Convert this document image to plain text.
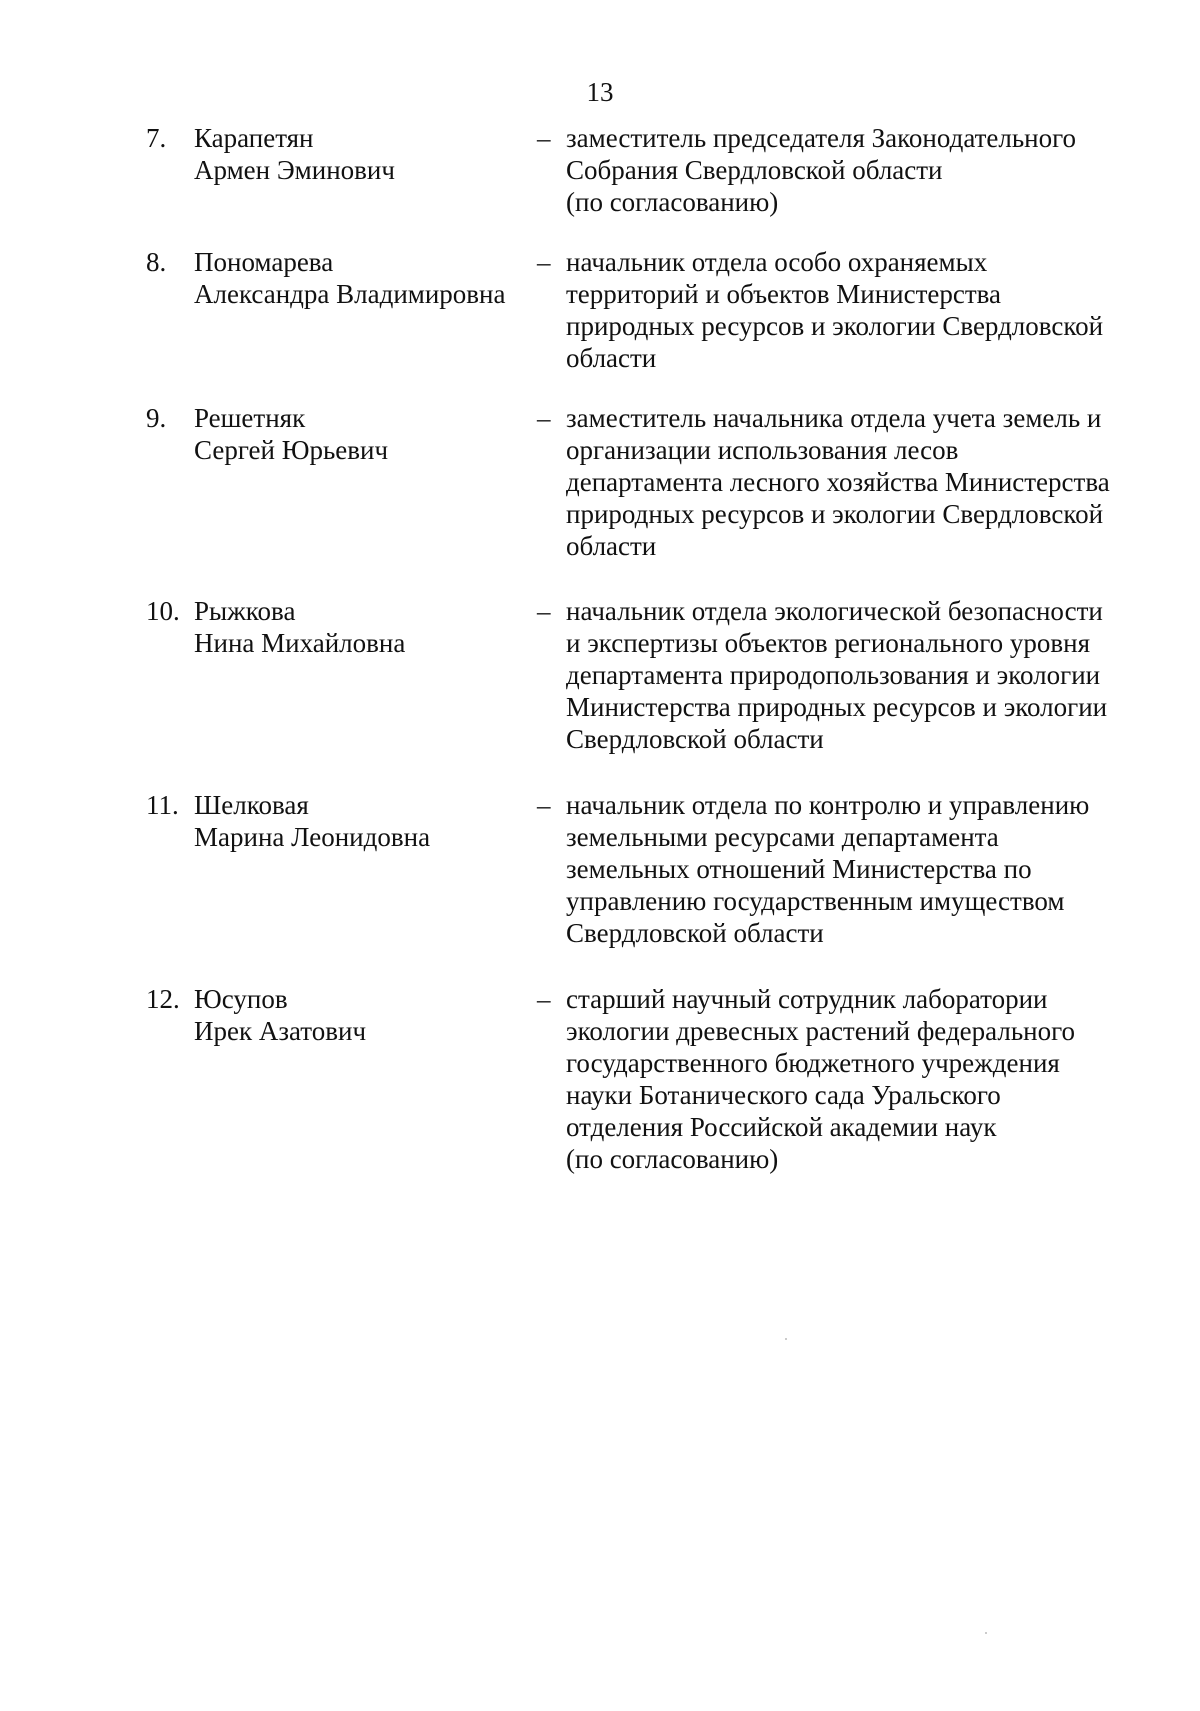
13
7. Карапетян
Армен Эминович
– заместитель председателя Законодательного
Собрания Свердловской области
(по согласованию)
8. Пономарева
Александра Владимировна
– начальник отдела особо охраняемых
территорий и объектов Министерства
природных ресурсов и экологии Свердловской
области
9. Решетняк
Сергей Юрьевич
– заместитель начальника отдела учета земель и
организации использования лесов
департамента лесного хозяйства Министерства
природных ресурсов и экологии Свердловской
области
10. Рыжкова
Нина Михайловна
– начальник отдела экологической безопасности
и экспертизы объектов регионального уровня
департамента природопользования и экологии
Министерства природных ресурсов и экологии
Свердловской области
11. Шелковая
Марина Леонидовна
– начальник отдела по контролю и управлению
земельными ресурсами департамента
земельных отношений Министерства по
управлению государственным имуществом
Свердловской области
12. Юсупов
Ирек Азатович
– старший научный сотрудник лаборатории
экологии древесных растений федерального
государственного бюджетного учреждения
науки Ботанического сада Уральского
отделения Российской академии наук
(по согласованию)
